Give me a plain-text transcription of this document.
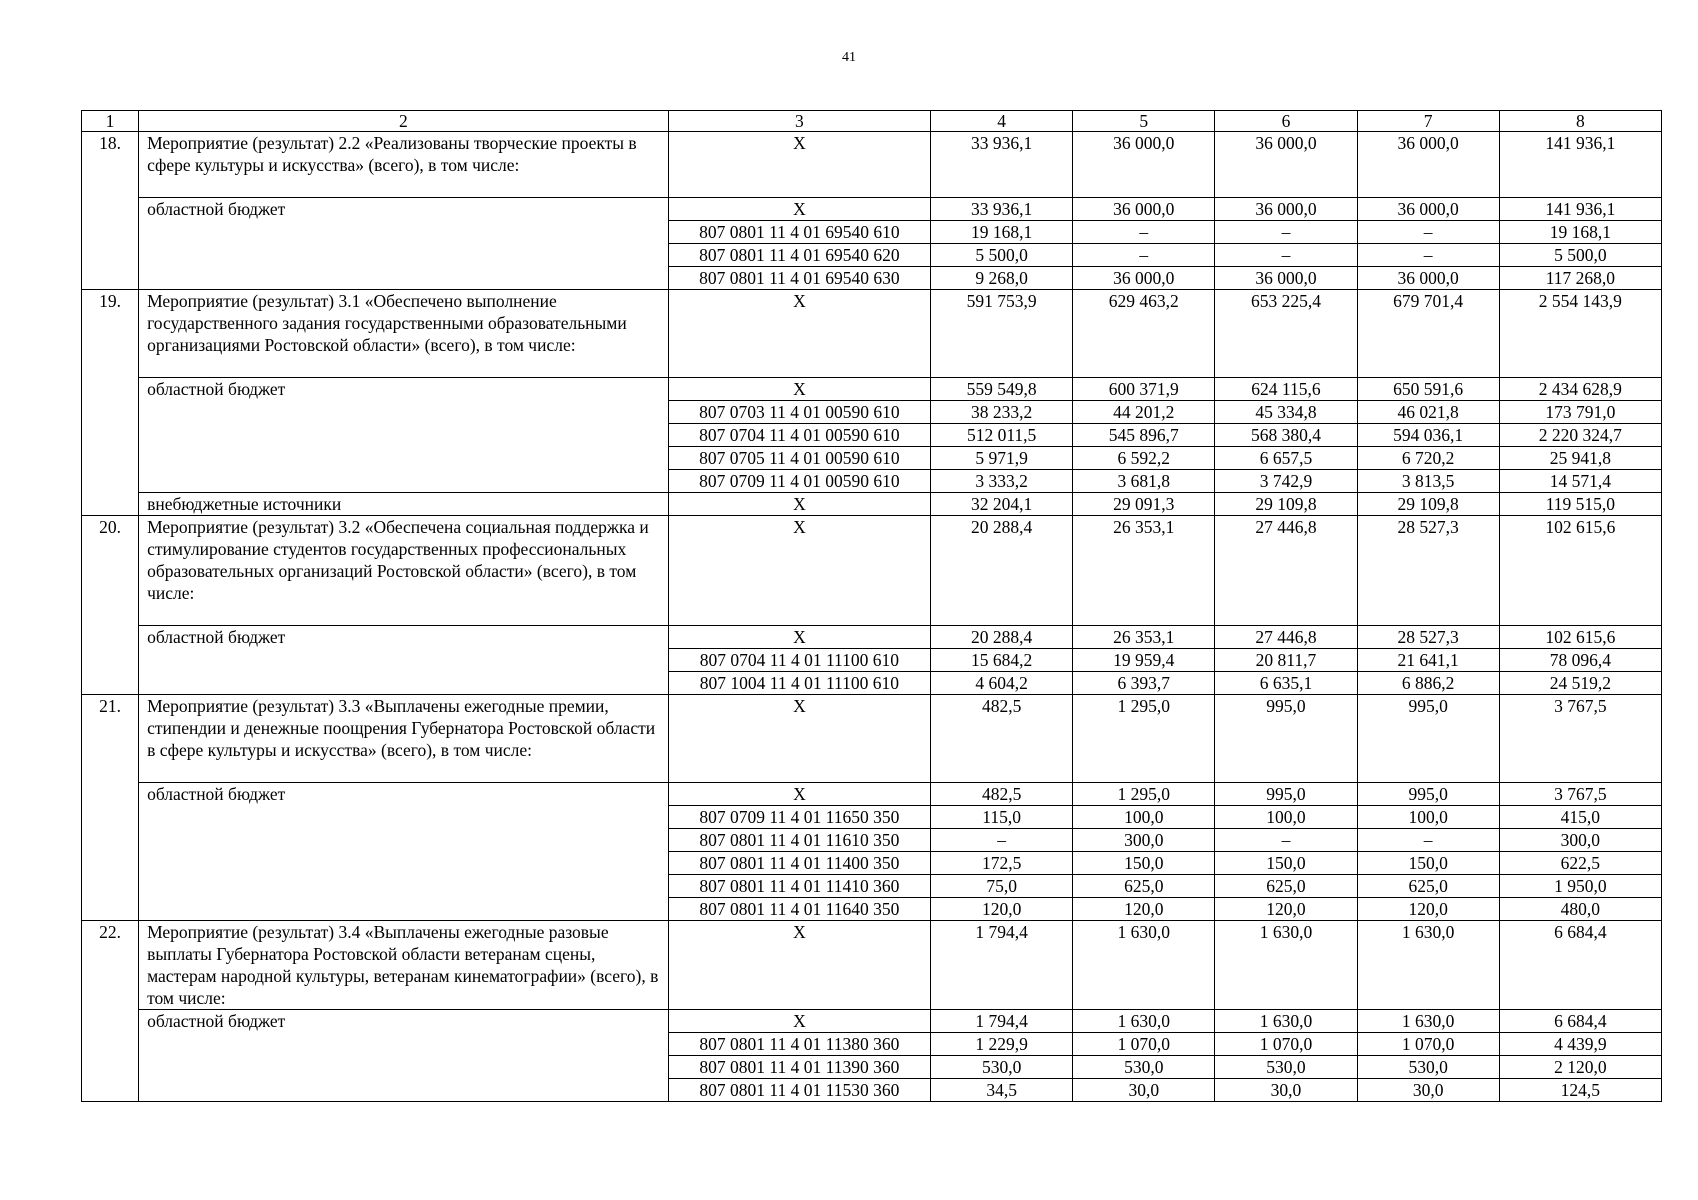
41
1	2	3	4	5	6	7	8
18.	Мероприятие (результат) 2.2 «Реализованы творческие проекты в сфере культуры и искусства» (всего), в том числе:	Х	33 936,1	36 000,0	36 000,0	36 000,0	141 936,1
	областной бюджет	Х	33 936,1	36 000,0	36 000,0	36 000,0	141 936,1
		807 0801 11 4 01 69540 610	19 168,1	–	–	–	19 168,1
		807 0801 11 4 01 69540 620	5 500,0	–	–	–	5 500,0
		807 0801 11 4 01 69540 630	9 268,0	36 000,0	36 000,0	36 000,0	117 268,0
19.	Мероприятие (результат) 3.1 «Обеспечено выполнение государственного задания государственными образовательными организациями Ростовской области» (всего), в том числе:	Х	591 753,9	629 463,2	653 225,4	679 701,4	2 554 143,9
	областной бюджет	Х	559 549,8	600 371,9	624 115,6	650 591,6	2 434 628,9
		807 0703 11 4 01 00590 610	38 233,2	44 201,2	45 334,8	46 021,8	173 791,0
		807 0704 11 4 01 00590 610	512 011,5	545 896,7	568 380,4	594 036,1	2 220 324,7
		807 0705 11 4 01 00590 610	5 971,9	6 592,2	6 657,5	6 720,2	25 941,8
		807 0709 11 4 01 00590 610	3 333,2	3 681,8	3 742,9	3 813,5	14 571,4
	внебюджетные источники	Х	32 204,1	29 091,3	29 109,8	29 109,8	119 515,0
20.	Мероприятие (результат) 3.2 «Обеспечена социальная поддержка и стимулирование студентов государственных профессиональных образовательных организаций Ростовской области» (всего), в том числе:	Х	20 288,4	26 353,1	27 446,8	28 527,3	102 615,6
	областной бюджет	Х	20 288,4	26 353,1	27 446,8	28 527,3	102 615,6
		807 0704 11 4 01 11100 610	15 684,2	19 959,4	20 811,7	21 641,1	78 096,4
		807 1004 11 4 01 11100 610	4 604,2	6 393,7	6 635,1	6 886,2	24 519,2
21.	Мероприятие (результат) 3.3 «Выплачены ежегодные премии, стипендии и денежные поощрения Губернатора Ростовской области в сфере культуры и искусства» (всего), в том числе:	Х	482,5	1 295,0	995,0	995,0	3 767,5
	областной бюджет	Х	482,5	1 295,0	995,0	995,0	3 767,5
		807 0709 11 4 01 11650 350	115,0	100,0	100,0	100,0	415,0
		807 0801 11 4 01 11610 350	–	300,0	–	–	300,0
		807 0801 11 4 01 11400 350	172,5	150,0	150,0	150,0	622,5
		807 0801 11 4 01 11410 360	75,0	625,0	625,0	625,0	1 950,0
		807 0801 11 4 01 11640 350	120,0	120,0	120,0	120,0	480,0
22.	Мероприятие (результат) 3.4 «Выплачены ежегодные разовые выплаты Губернатора Ростовской области ветеранам сцены, мастерам народной культуры, ветеранам кинематографии» (всего), в том числе:	Х	1 794,4	1 630,0	1 630,0	1 630,0	6 684,4
	областной бюджет	Х	1 794,4	1 630,0	1 630,0	1 630,0	6 684,4
		807 0801 11 4 01 11380 360	1 229,9	1 070,0	1 070,0	1 070,0	4 439,9
		807 0801 11 4 01 11390 360	530,0	530,0	530,0	530,0	2 120,0
		807 0801 11 4 01 11530 360	34,5	30,0	30,0	30,0	124,5
